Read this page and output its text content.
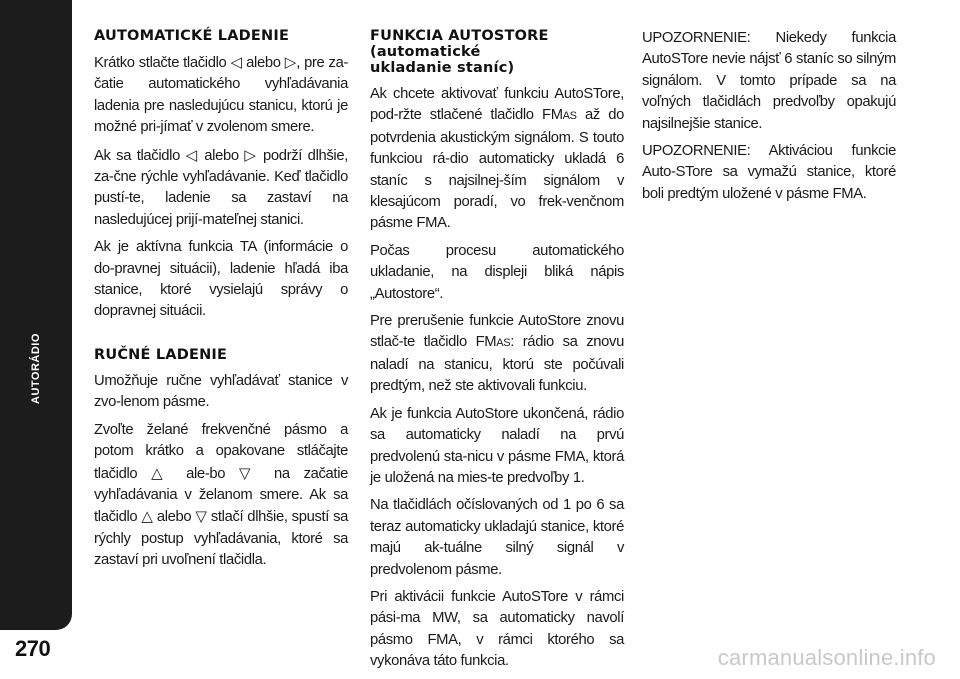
270
AUTOMATICKÉ LADENIE

Krátko stlačte tlačidlo ◁ alebo ▷, pre za-čatie automatického vyhľadávania ladenia pre nasledujúcu stanicu, ktorú je možné pri-jímať v zvolenom smere.

Ak sa tlačidlo ◁ alebo ▷ podrží dlhšie, za-čne rýchle vyhľadávanie. Keď tlačidlo pustí-te, ladenie sa zastaví na nasledujúcej prijí-mateľnej stanici.

Ak je aktívna funkcia TA (informácie o do-pravnej situácii), ladenie hľadá iba stanice, ktoré vysielajú správy o dopravnej situácii.

RUČNÉ LADENIE

Umožňuje ručne vyhľadávať stanice v zvo-lenom pásme.

Zvoľte želané frekvenčné pásmo a potom krátko a opakovane stláčajte tlačidlo △ ale-bo ▽ na začatie vyhľadávania v želanom smere. Ak sa tlačidlo △ alebo ▽ stlačí dlhšie, spustí sa rýchly postup vyhľadávania, ktoré sa zastaví pri uvoľnení tlačidla.

FUNKCIA AUTOSTORE
(automatické
ukladanie staníc)

Ak chcete aktivovať funkciu AutoSTore, pod-ržte stlačené tlačidlo FMAS až do potvrdenia akustickým signálom. S touto funkciou rá-dio automaticky ukladá 6 staníc s najsilnej-ším signálom v klesajúcom poradí, vo frek-venčnom pásme FMA.

Počas procesu automatického ukladanie, na displeji bliká nápis „Autostore“.

Pre prerušenie funkcie AutoStore znovu stlač-te tlačidlo FMAS: rádio sa znovu naladí na stanicu, ktorú ste počúvali predtým, než ste aktivovali funkciu.

Ak je funkcia AutoStore ukončená, rádio sa automaticky naladí na prvú predvolenú sta-nicu v pásme FMA, ktorá je uložená na mies-te predvoľby 1.

Na tlačidlách očíslovaných od 1 po 6 sa teraz automaticky ukladajú stanice, ktoré majú ak-tuálne silný signál v predvolenom pásme.

Pri aktivácii funkcie AutoSTore v rámci pási-ma MW, sa automaticky navolí pásmo FMA, v rámci ktorého sa vykonáva táto funkcia.

UPOZORNENIE: Niekedy funkcia AutoSTore nevie nájsť 6 staníc so silným signálom. V tomto prípade sa na voľných tlačidlách predvoľby opakujú najsilnejšie stanice.

UPOZORNENIE: Aktiváciou funkcie Auto-STore sa vymažú stanice, ktoré boli predtým uložené v pásme FMA.

carmanualsonline.info
